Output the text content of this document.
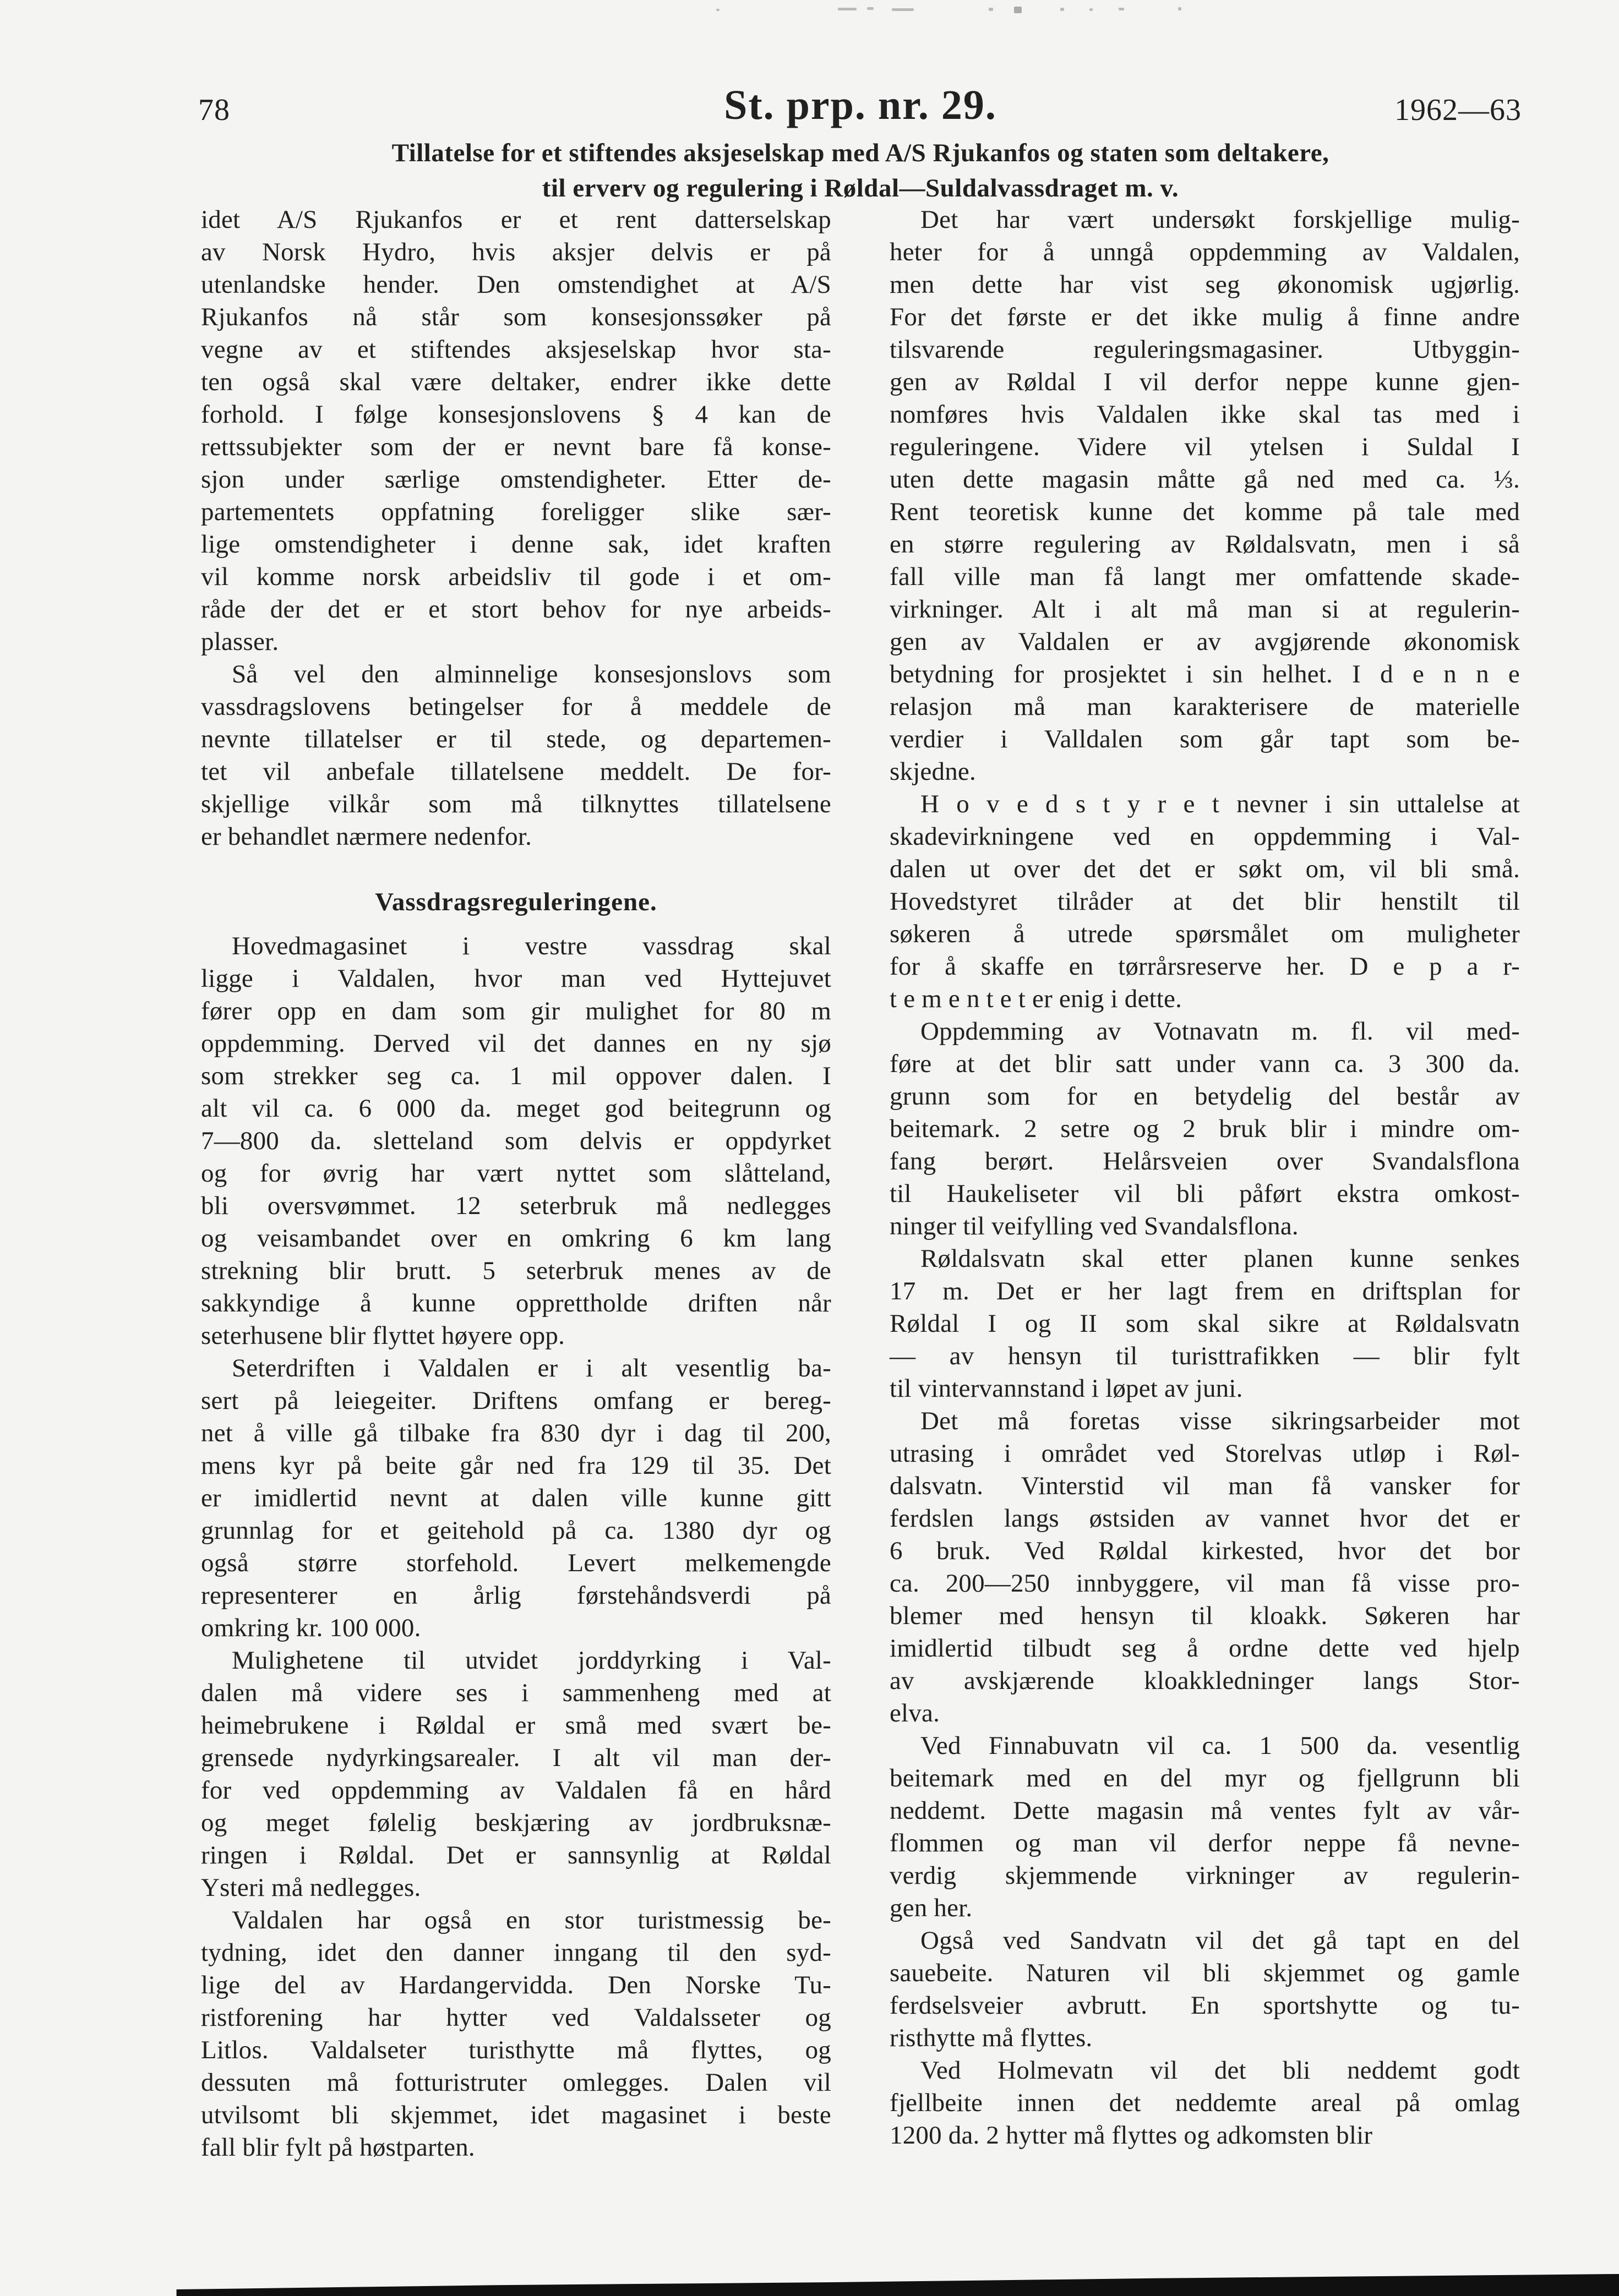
78	St. prp. nr. 29.	1962—63
Tillatelse for et stiftendes aksjeselskap med A/S Rjukanfos og staten som deltakere,
til erverv og regulering i Røldal—Suldalvassdraget m. v.
idet A/S Rjukanfos er et rent datterselskap
av Norsk Hydro, hvis aksjer delvis er på
utenlandske hender. Den omstendighet at A/S
Rjukanfos nå står som konsesjonssøker på
vegne av et stiftendes aksjeselskap hvor sta-
ten også skal være deltaker, endrer ikke dette
forhold. I følge konsesjonslovens § 4 kan de
rettssubjekter som der er nevnt bare få konse-
sjon under særlige omstendigheter. Etter de-
partementets oppfatning foreligger slike sær-
lige omstendigheter i denne sak, idet kraften
vil komme norsk arbeidsliv til gode i et om-
råde der det er et stort behov for nye arbeids-
plasser.
Så vel den alminnelige konsesjonslovs som
vassdragslovens betingelser for å meddele de
nevnte tillatelser er til stede, og departemen-
tet vil anbefale tillatelsene meddelt. De for-
skjellige vilkår som må tilknyttes tillatelsene
er behandlet nærmere nedenfor.
Vassdragsreguleringene.
Hovedmagasinet i vestre vassdrag skal
ligge i Valdalen, hvor man ved Hyttejuvet
fører opp en dam som gir mulighet for 80 m
oppdemming. Derved vil det dannes en ny sjø
som strekker seg ca. 1 mil oppover dalen. I
alt vil ca. 6 000 da. meget god beitegrunn og
7—800 da. sletteland som delvis er oppdyrket
og for øvrig har vært nyttet som slåtteland,
bli oversvømmet. 12 seterbruk må nedlegges
og veisambandet over en omkring 6 km lang
strekning blir brutt. 5 seterbruk menes av de
sakkyndige å kunne opprettholde driften når
seterhusene blir flyttet høyere opp.
Seterdriften i Valdalen er i alt vesentlig ba-
sert på leiegeiter. Driftens omfang er bereg-
net å ville gå tilbake fra 830 dyr i dag til 200,
mens kyr på beite går ned fra 129 til 35. Det
er imidlertid nevnt at dalen ville kunne gitt
grunnlag for et geitehold på ca. 1380 dyr og
også større storfehold. Levert melkemengde
representerer en årlig førstehåndsverdi på
omkring kr. 100 000.
Mulighetene til utvidet jorddyrking i Val-
dalen må videre ses i sammenheng med at
heimebrukene i Røldal er små med svært be-
grensede nydyrkingsarealer. I alt vil man der-
for ved oppdemming av Valdalen få en hård
og meget følelig beskjæring av jordbruksnæ-
ringen i Røldal. Det er sannsynlig at Røldal
Ysteri må nedlegges.
Valdalen har også en stor turistmessig be-
tydning, idet den danner inngang til den syd-
lige del av Hardangervidda. Den Norske Tu-
ristforening har hytter ved Valdalsseter og
Litlos. Valdalseter turisthytte må flyttes, og
dessuten må fotturistruter omlegges. Dalen vil
utvilsomt bli skjemmet, idet magasinet i beste
fall blir fylt på høstparten.
Det har vært undersøkt forskjellige mulig-
heter for å unngå oppdemming av Valdalen,
men dette har vist seg økonomisk ugjørlig.
For det første er det ikke mulig å finne andre
tilsvarende reguleringsmagasiner. Utbyggin-
gen av Røldal I vil derfor neppe kunne gjen-
nomføres hvis Valdalen ikke skal tas med i
reguleringene. Videre vil ytelsen i Suldal I
uten dette magasin måtte gå ned med ca. ⅓.
Rent teoretisk kunne det komme på tale med
en større regulering av Røldalsvatn, men i så
fall ville man få langt mer omfattende skade-
virkninger. Alt i alt må man si at regulerin-
gen av Valdalen er av avgjørende økonomisk
betydning for prosjektet i sin helhet. I d e n n e
relasjon må man karakterisere de materielle
verdier i Valldalen som går tapt som be-
skjedne.
H o v e d s t y r e t nevner i sin uttalelse at
skadevirkningene ved en oppdemming i Val-
dalen ut over det det er søkt om, vil bli små.
Hovedstyret tilråder at det blir henstilt til
søkeren å utrede spørsmålet om muligheter
for å skaffe en tørrårsreserve her. D e p a r-
t e m e n t e t er enig i dette.
Oppdemming av Votnavatn m. fl. vil med-
føre at det blir satt under vann ca. 3 300 da.
grunn som for en betydelig del består av
beitemark. 2 setre og 2 bruk blir i mindre om-
fang berørt. Helårsveien over Svandalsflona
til Haukeliseter vil bli påført ekstra omkost-
ninger til veifylling ved Svandalsflona.
Røldalsvatn skal etter planen kunne senkes
17 m. Det er her lagt frem en driftsplan for
Røldal I og II som skal sikre at Røldalsvatn
— av hensyn til turisttrafikken — blir fylt
til vintervannstand i løpet av juni.
Det må foretas visse sikringsarbeider mot
utrasing i området ved Storelvas utløp i Røl-
dalsvatn. Vinterstid vil man få vansker for
ferdslen langs østsiden av vannet hvor det er
6 bruk. Ved Røldal kirkested, hvor det bor
ca. 200—250 innbyggere, vil man få visse pro-
blemer med hensyn til kloakk. Søkeren har
imidlertid tilbudt seg å ordne dette ved hjelp
av avskjærende kloakkledninger langs Stor-
elva.
Ved Finnabuvatn vil ca. 1 500 da. vesentlig
beitemark med en del myr og fjellgrunn bli
neddemt. Dette magasin må ventes fylt av vår-
flommen og man vil derfor neppe få nevne-
verdig skjemmende virkninger av regulerin-
gen her.
Også ved Sandvatn vil det gå tapt en del
sauebeite. Naturen vil bli skjemmet og gamle
ferdselsveier avbrutt. En sportshytte og tu-
risthytte må flyttes.
Ved Holmevatn vil det bli neddemt godt
fjellbeite innen det neddemte areal på omlag
1200 da. 2 hytter må flyttes og adkomsten blir
